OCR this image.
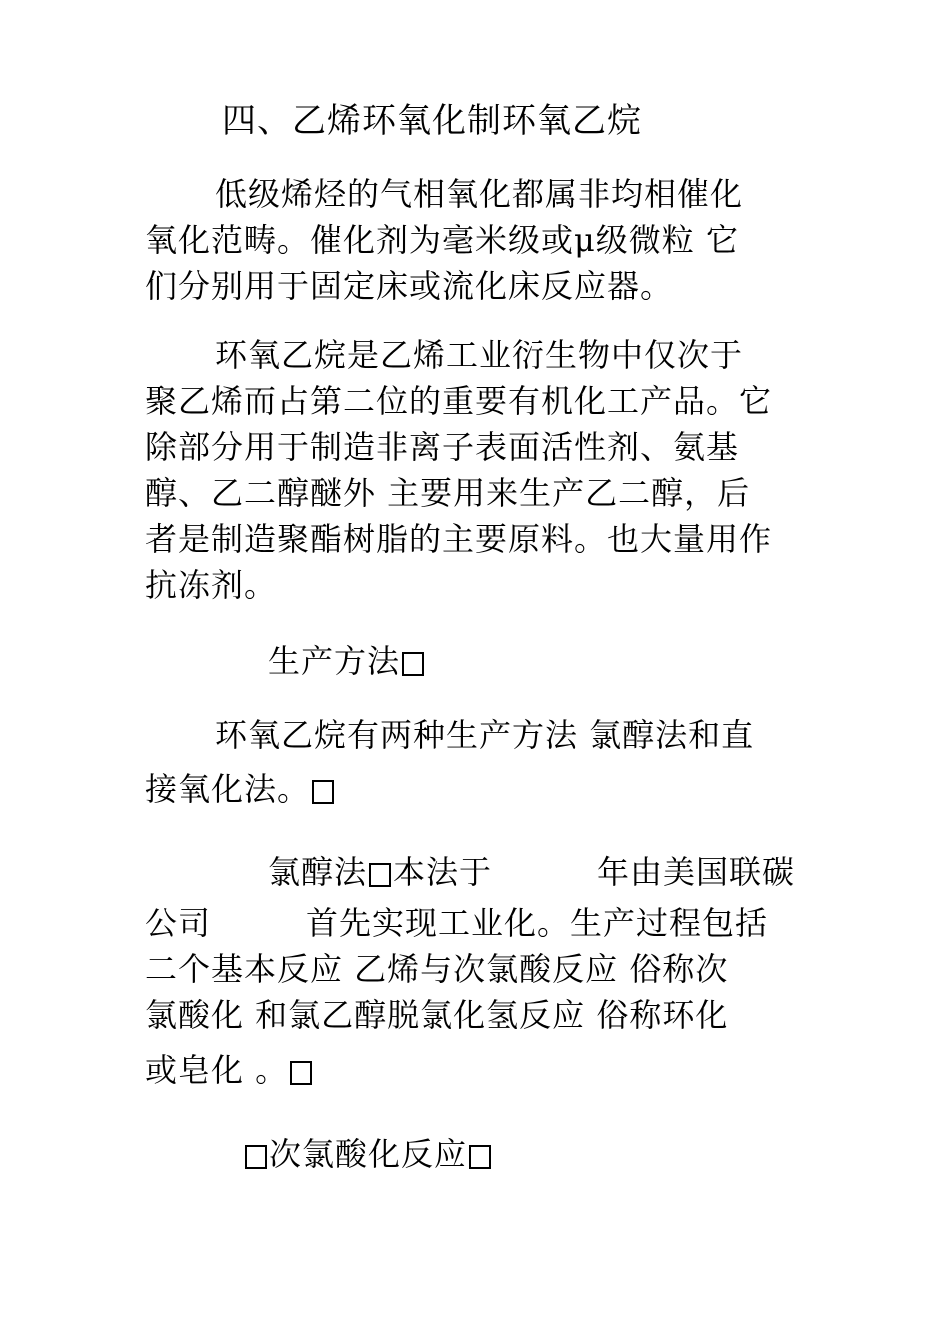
四、乙烯环氧化制环氧乙烷
低级烯烃的气相氧化都属非均相催化
氧化范畴。催化剂为毫米级或μ级微粒 它
们分别用于固定床或流化床反应器。
环氧乙烷是乙烯工业衍生物中仅次于
聚乙烯而占第二位的重要有机化工产品。它
除部分用于制造非离子表面活性剂、氨基
醇、乙二醇醚外 主要用来生产乙二醇，后
者是制造聚酯树脂的主要原料。也大量用作
抗冻剂。
生产方法
环氧乙烷有两种生产方法 氯醇法和直
接氧化法。
氯醇法 本法于	年由美国联碳
公司	首先实现工业化。生产过程包括
二个基本反应 乙烯与次氯酸反应 俗称次
氯酸化 和氯乙醇脱氯化氢反应 俗称环化
或皂化 。
次氯酸化反应
